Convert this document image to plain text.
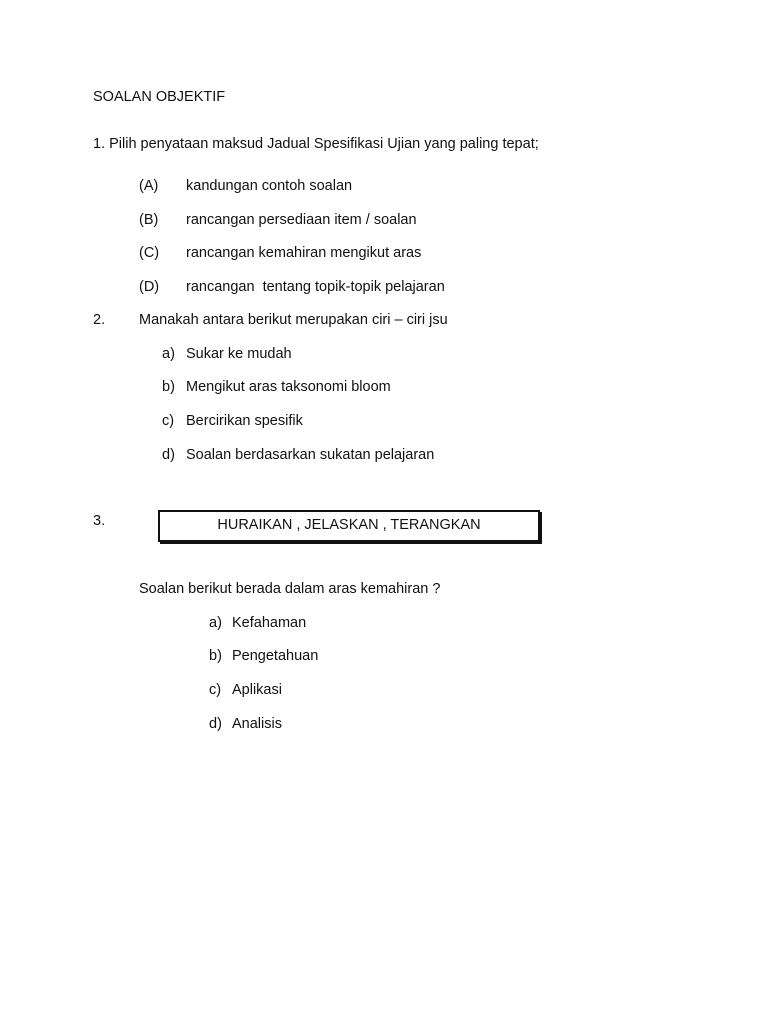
SOALAN OBJEKTIF
1. Pilih penyataan maksud Jadual Spesifikasi Ujian yang paling tepat;
(A) kandungan contoh soalan
(B) rancangan persediaan item / soalan
(C) rancangan kemahiran mengikut aras
(D) rancangan  tentang topik-topik pelajaran
2. Manakah antara berikut merupakan ciri – ciri jsu
a) Sukar ke mudah
b) Mengikut aras taksonomi bloom
c) Bercirikan spesifik
d) Soalan berdasarkan sukatan pelajaran
3.	HURAIKAN , JELASKAN , TERANGKAN
Soalan berikut berada dalam aras kemahiran ?
a) Kefahaman
b) Pengetahuan
c) Aplikasi
d) Analisis
